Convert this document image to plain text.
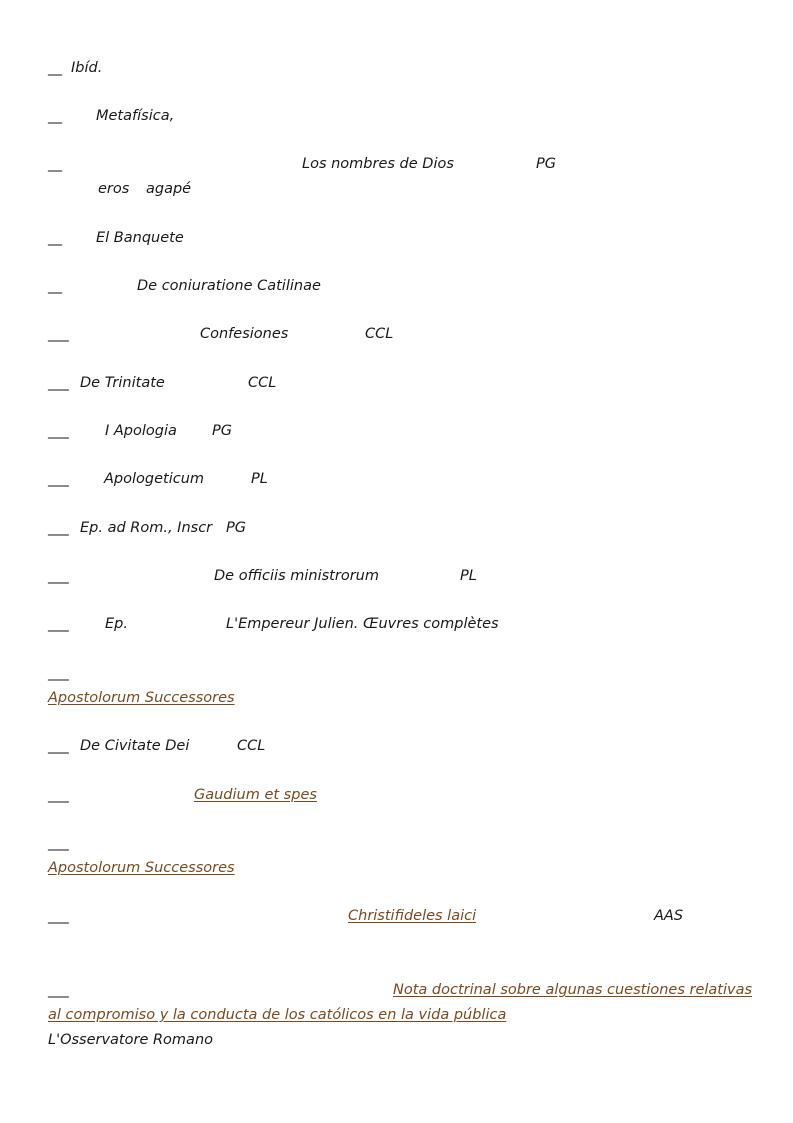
__ Ibíd.
__ Metafísica,
__	Los nombres de Dios	PG
eros agapé
__ El Banquete
__	De coniuratione Catilinae
___	Confesiones	CCL
___ De Trinitate	CCL
___	I Apologia PG
___ Apologeticum	PL
___ Ep. ad Rom., Inscr PG
___	De officiis ministrorum	PL
___	Ep.	L'Empereur Julien. Œuvres complètes
___
Apostolorum Successores
___ De Civitate Dei	CCL
___	Gaudium et spes
___
Apostolorum Successores
___	Christifideles laici	AAS
___	Nota doctrinal sobre algunas cuestiones relativas
al compromiso y la conducta de los católicos en la vida pública
L'Osservatore Romano
